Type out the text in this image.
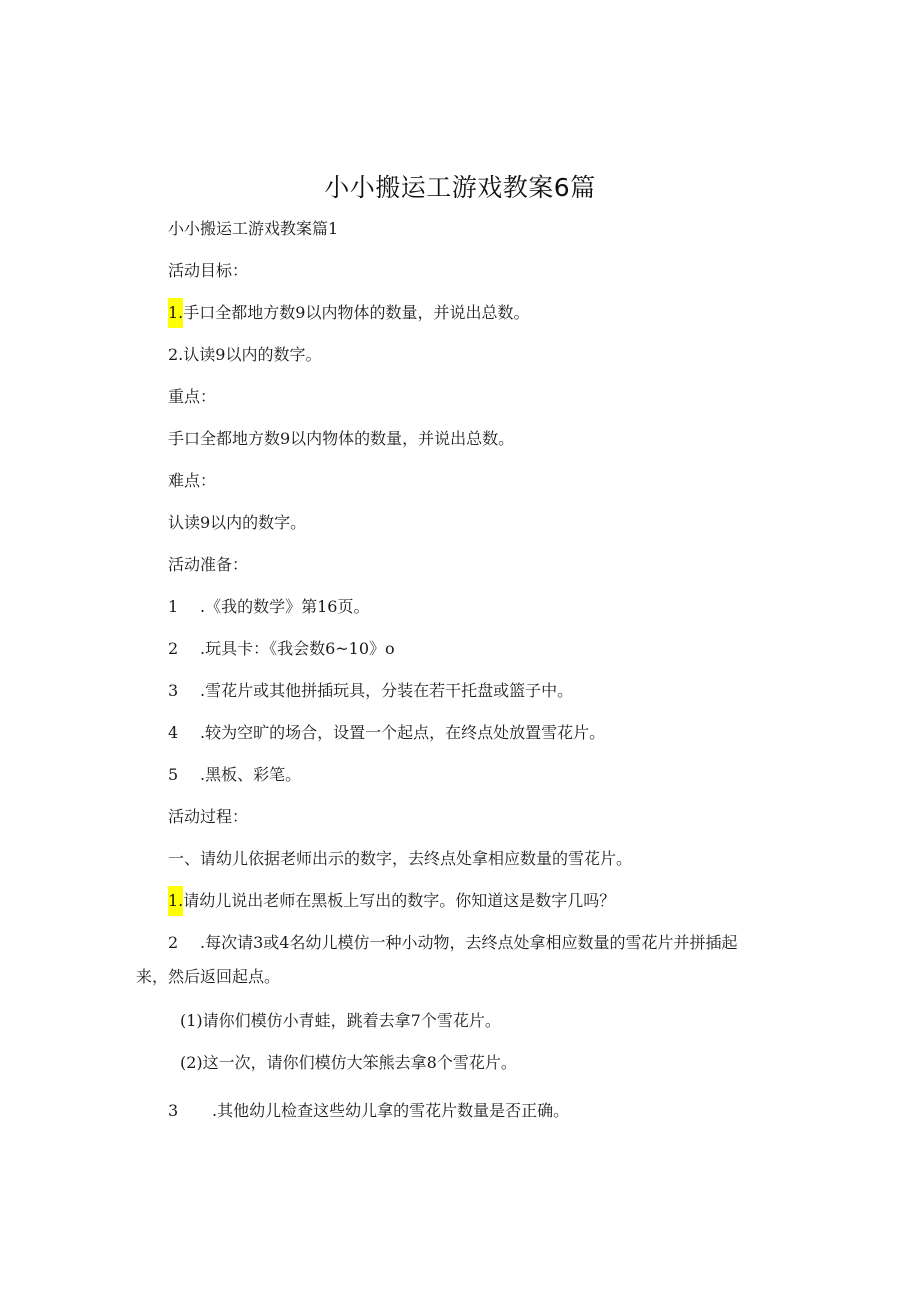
小小搬运工游戏教案6篇
小小搬运工游戏教案篇1
活动目标：
1.手口全都地方数9以内物体的数量，并说出总数。
2.认读9以内的数字。
重点：
手口全都地方数9以内物体的数量，并说出总数。
难点：
认读9以内的数字。
活动准备：
1 .《我的数学》第16页。
2 .玩具卡：《我会数6~10》o
3 .雪花片或其他拼插玩具，分装在若干托盘或篮子中。
4 .较为空旷的场合，设置一个起点，在终点处放置雪花片。
5 .黑板、彩笔。
活动过程：
一、请幼儿依据老师出示的数字，去终点处拿相应数量的雪花片。
1.请幼儿说出老师在黑板上写出的数字。你知道这是数字几吗？
2 .每次请3或4名幼儿模仿一种小动物，去终点处拿相应数量的雪花片并拼插起
来，然后返回起点。
(1)请你们模仿小青蛙，跳着去拿7个雪花片。
(2)这一次，请你们模仿大笨熊去拿8个雪花片。
3 .其他幼儿检查这些幼儿拿的雪花片数量是否正确。
